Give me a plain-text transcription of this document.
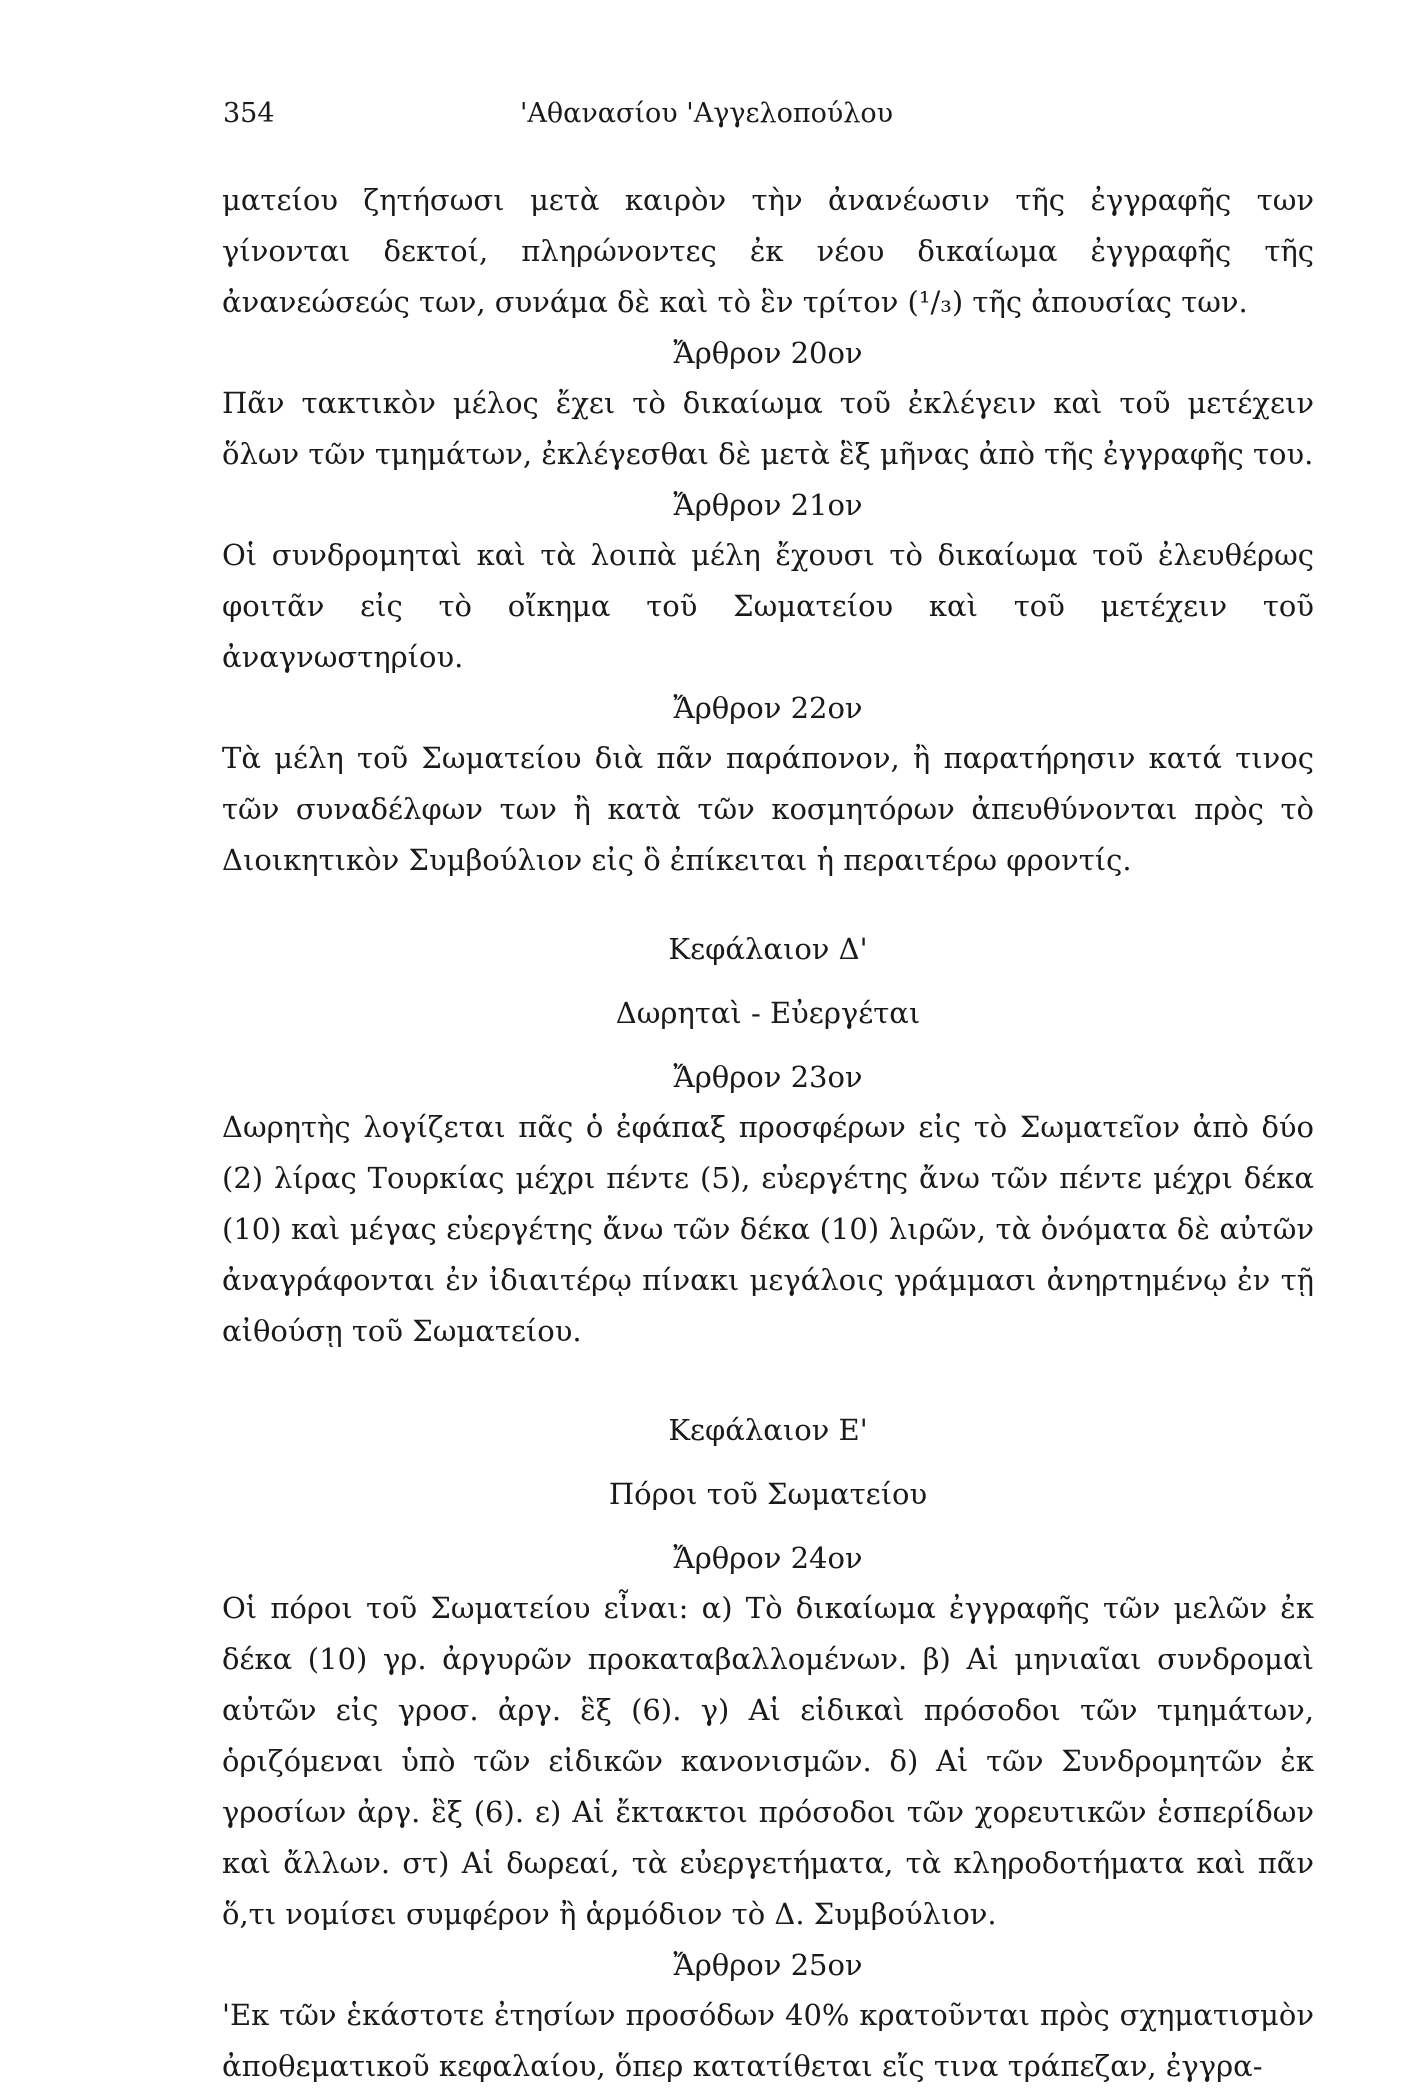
354	'Αθανασίου 'Αγγελοπούλου

ματείου ζητήσωσι μετὰ καιρὸν τὴν ἀνανέωσιν τῆς ἐγγραφῆς των γίνονται δεκτοί, πληρώνοντες ἐκ νέου δικαίωμα ἐγγραφῆς τῆς ἀνανεώσεώς των, συνάμα δὲ καὶ τὸ ἓν τρίτον (¹/₃) τῆς ἀπουσίας των.

Ἄρθρον 20ον

Πᾶν τακτικὸν μέλος ἔχει τὸ δικαίωμα τοῦ ἐκλέγειν καὶ τοῦ μετέχειν ὅλων τῶν τμημάτων, ἐκλέγεσθαι δὲ μετὰ ἓξ μῆνας ἀπὸ τῆς ἐγγραφῆς του.

Ἄρθρον 21ον

Οἱ συνδρομηταὶ καὶ τὰ λοιπὰ μέλη ἔχουσι τὸ δικαίωμα τοῦ ἐλευθέρως φοιτᾶν εἰς τὸ οἴκημα τοῦ Σωματείου καὶ τοῦ μετέχειν τοῦ ἀναγνωστηρίου.

Ἄρθρον 22ον

Τὰ μέλη τοῦ Σωματείου διὰ πᾶν παράπονον, ἢ παρατήρησιν κατά τινος τῶν συναδέλφων των ἢ κατὰ τῶν κοσμητόρων ἀπευθύνονται πρὸς τὸ Διοικητικὸν Συμβούλιον εἰς ὃ ἐπίκειται ἡ περαιτέρω φροντίς.

Κεφάλαιον Δ'

Δωρηταὶ - Εὐεργέται

Ἄρθρον 23ον

Δωρητὴς λογίζεται πᾶς ὁ ἐφάπαξ προσφέρων εἰς τὸ Σωματεῖον ἀπὸ δύο (2) λίρας Τουρκίας μέχρι πέντε (5), εὐεργέτης ἄνω τῶν πέντε μέχρι δέκα (10) καὶ μέγας εὐεργέτης ἄνω τῶν δέκα (10) λιρῶν, τὰ ὀνόματα δὲ αὐτῶν ἀναγράφονται ἐν ἰδιαιτέρῳ πίνακι μεγάλοις γράμμασι ἀνηρτημένῳ ἐν τῇ αἰθούσῃ τοῦ Σωματείου.

Κεφάλαιον Ε'

Πόροι τοῦ Σωματείου

Ἄρθρον 24ον

Οἱ πόροι τοῦ Σωματείου εἶναι: α) Τὸ δικαίωμα ἐγγραφῆς τῶν μελῶν ἐκ δέκα (10) γρ. ἀργυρῶν προκαταβαλλομένων. β) Αἱ μηνιαῖαι συνδρομαὶ αὐτῶν εἰς γροσ. ἀργ. ἓξ (6). γ) Αἱ εἰδικαὶ πρόσοδοι τῶν τμημάτων, ὁριζόμεναι ὑπὸ τῶν εἰδικῶν κανονισμῶν. δ) Αἱ τῶν Συνδρομητῶν ἐκ γροσίων ἀργ. ἓξ (6). ε) Αἱ ἔκτακτοι πρόσοδοι τῶν χορευτικῶν ἑσπερίδων καὶ ἄλλων. στ) Αἱ δωρεαί, τὰ εὐεργετήματα, τὰ κληροδοτήματα καὶ πᾶν ὅ,τι νομίσει συμφέρον ἢ ἁρμόδιον τὸ Δ. Συμβούλιον.

Ἄρθρον 25ον

'Εκ τῶν ἑκάστοτε ἐτησίων προσόδων 40% κρατοῦνται πρὸς σχηματισμὸν ἀποθεματικοῦ κεφαλαίου, ὅπερ κατατίθεται εἴς τινα τράπεζαν, ἐγγρα-
